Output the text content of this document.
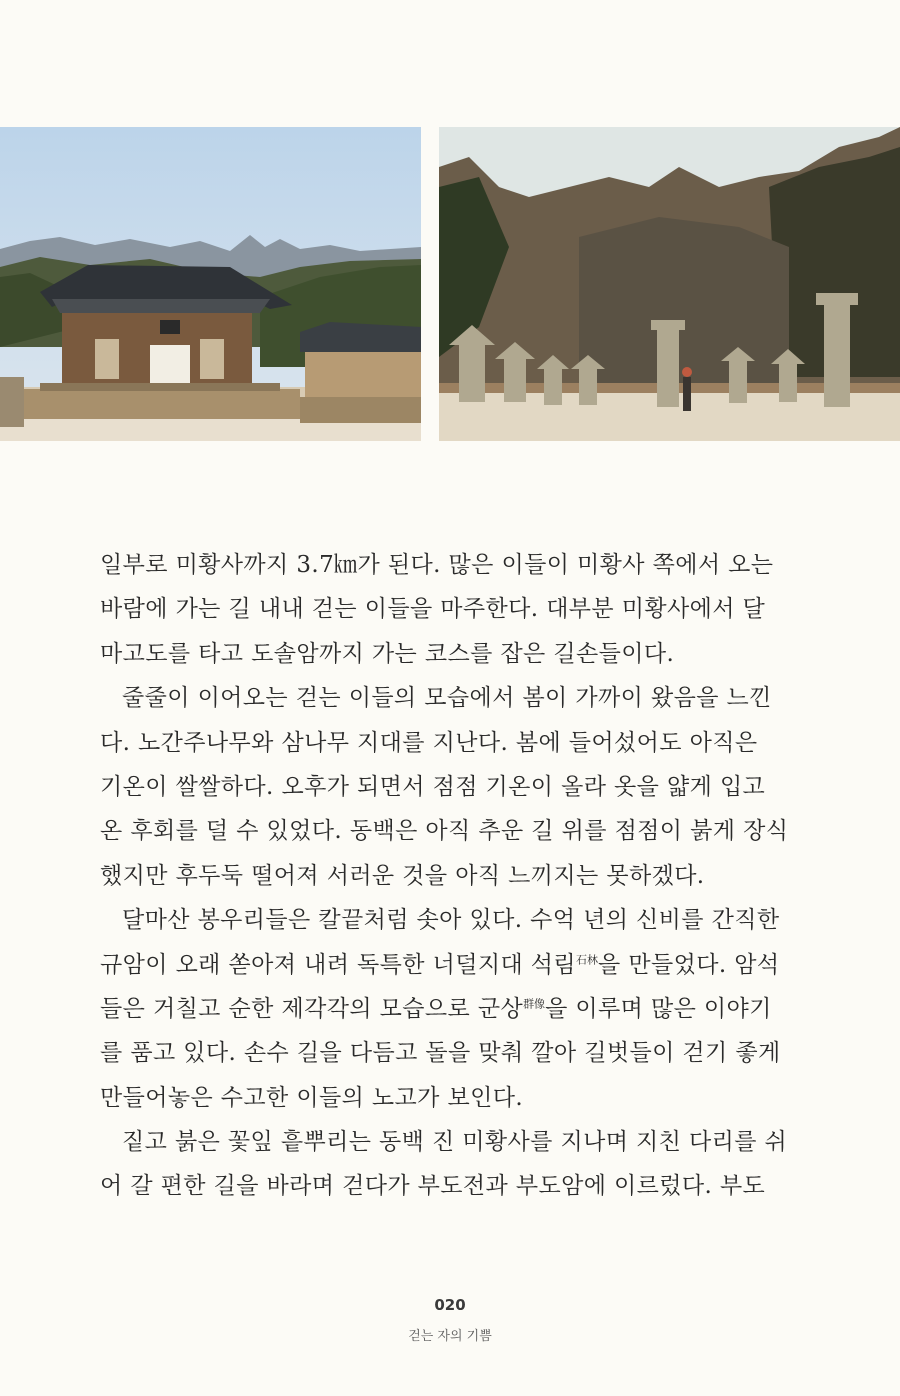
일부로 미황사까지 3.7㎞가 된다. 많은 이들이 미황사 쪽에서 오는
바람에 가는 길 내내 걷는 이들을 마주한다. 대부분 미황사에서 달
마고도를 타고 도솔암까지 가는 코스를 잡은 길손들이다.
줄줄이 이어오는 걷는 이들의 모습에서 봄이 가까이 왔음을 느낀
다. 노간주나무와 삼나무 지대를 지난다. 봄에 들어섰어도 아직은
기온이 쌀쌀하다. 오후가 되면서 점점 기온이 올라 옷을 얇게 입고
온 후회를 덜 수 있었다. 동백은 아직 추운 길 위를 점점이 붉게 장식
했지만 후두둑 떨어져 서러운 것을 아직 느끼지는 못하겠다.
달마산 봉우리들은 칼끝처럼 솟아 있다. 수억 년의 신비를 간직한
규암이 오래 쏟아져 내려 독특한 너덜지대 석림$^{石林}$을 만들었다. 암석
들은 거칠고 순한 제각각의 모습으로 군상$^{群像}$을 이루며 많은 이야기
를 품고 있다. 손수 길을 다듬고 돌을 맞춰 깔아 길벗들이 걷기 좋게
만들어놓은 수고한 이들의 노고가 보인다.
짙고 붉은 꽃잎 흩뿌리는 동백 진 미황사를 지나며 지친 다리를 쉬
어 갈 편한 길을 바라며 걷다가 부도전과 부도암에 이르렀다. 부도
020
걷는 자의 기쁨
